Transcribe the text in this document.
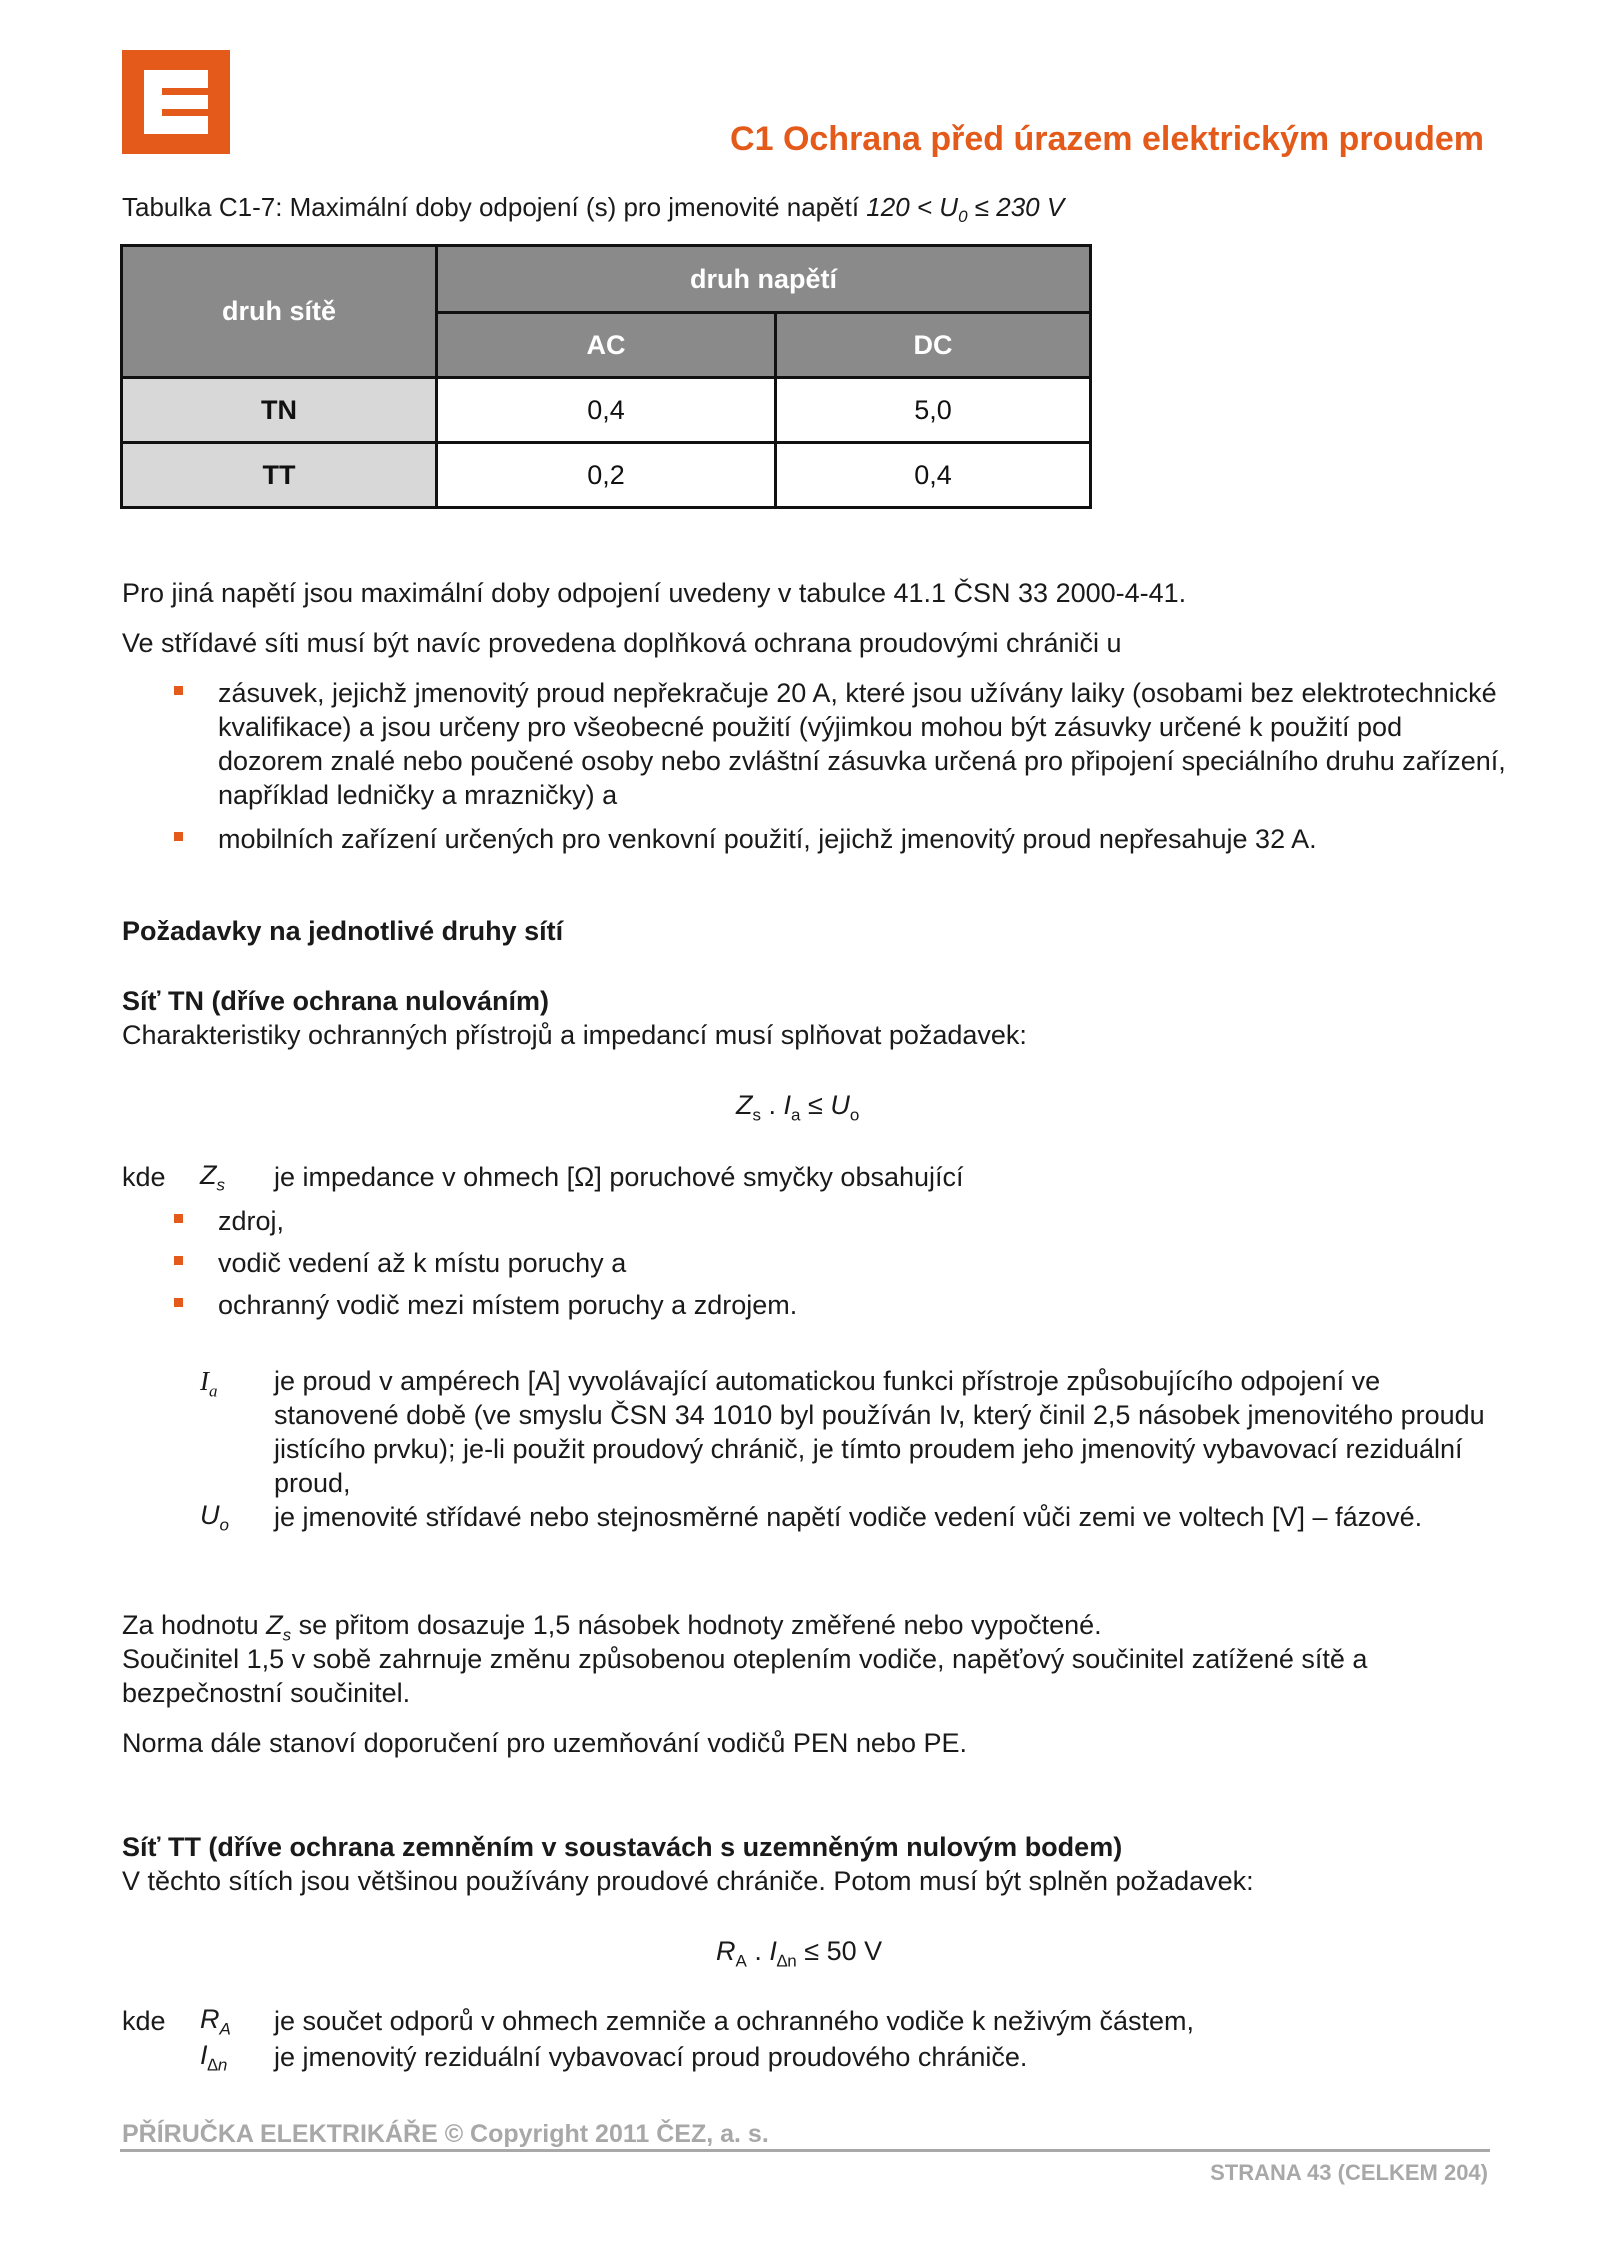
C1 Ochrana před úrazem elektrickým proudem
Tabulka C1-7: Maximální doby odpojení (s) pro jmenovité napětí $120 < U_0 \le 230$ V
druh sítě	druh napětí	
	AC	DC
TN	0,4	5,0
TT	0,2	0,4
Pro jiná napětí jsou maximální doby odpojení uvedeny v tabulce 41.1 ČSN 33 2000-4-41.
Ve střídavé síti musí být navíc provedena doplňková ochrana proudovými chrániči u
zásuvek, jejichž jmenovitý proud nepřekračuje 20 A, které jsou užívány laiky (osobami bez elektrotechnické kvalifikace) a jsou určeny pro všeobecné použití (výjimkou mohou být zásuvky určené k použití pod dozorem znalé nebo poučené osoby nebo zvláštní zásuvka určená pro připojení speciálního druhu zařízení, například ledničky a mrazničky) a
mobilních zařízení určených pro venkovní použití, jejichž jmenovitý proud nepřesahuje 32 A.
Požadavky na jednotlivé druhy sítí
Síť TN (dříve ochrana nulováním)
Charakteristiky ochranných přístrojů a impedancí musí splňovat požadavek:
$Z_s$ . $I_a \le U_o$
kde $Z_s$ je impedance v ohmech [Ω] poruchové smyčky obsahující
zdroj,
vodič vedení až k místu poruchy a
ochranný vodič mezi místem poruchy a zdrojem.
$I_a$ je proud v ampérech [A] vyvolávající automatickou funkci přístroje způsobujícího odpojení ve stanovené době (ve smyslu ČSN 34 1010 byl používán Iv, který činil 2,5 násobek jmenovitého proudu jistícího prvku); je-li použit proudový chránič, je tímto proudem jeho jmenovitý vybavovací reziduální proud,
$U_o$ je jmenovité střídavé nebo stejnosměrné napětí vodiče vedení vůči zemi ve voltech [V] – fázové.
Za hodnotu $Z_s$ se přitom dosazuje 1,5 násobek hodnoty změřené nebo vypočtené.
Součinitel 1,5 v sobě zahrnuje změnu způsobenou oteplením vodiče, napěťový součinitel zatížené sítě a bezpečnostní součinitel.
Norma dále stanoví doporučení pro uzemňování vodičů PEN nebo PE.
Síť TT (dříve ochrana zemněním v soustavách s uzemněným nulovým bodem)
V těchto sítích jsou většinou používány proudové chrániče. Potom musí být splněn požadavek:
$R_A$ . $I_{\Delta n} \le 50$ V
kde $R_A$ je součet odporů v ohmech zemniče a ochranného vodiče k neživým částem,
$I_{\Delta n}$ je jmenovitý reziduální vybavovací proud proudového chrániče.
PŘÍRUČKA ELEKTRIKÁŘE © Copyright 2011 ČEZ, a. s.
STRANA 43 (CELKEM 204)
